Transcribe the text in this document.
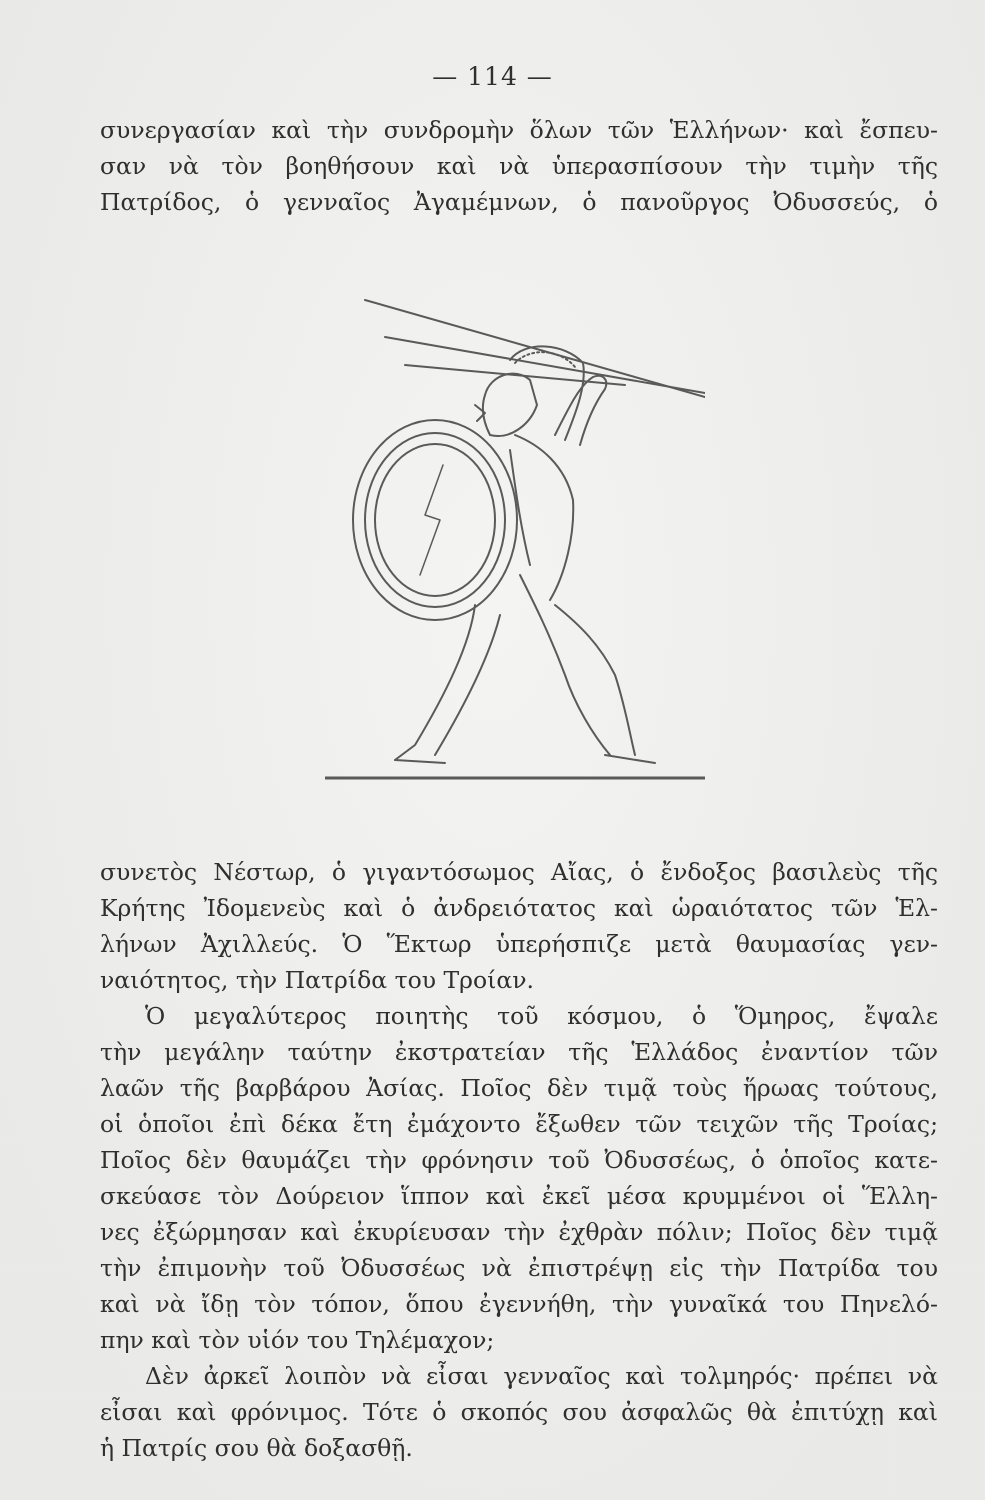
— 114 —
συνεργασίαν καὶ τὴν συνδρομὴν ὅλων τῶν Ἑλλήνων· καὶ ἔσπευ-
σαν νὰ τὸν βοηθήσουν καὶ νὰ ὑπερασπίσουν τὴν τιμὴν τῆς
Πατρίδος, ὁ γενναῖος Ἀγαμέμνων, ὁ πανοῦργος Ὀδυσσεύς, ὁ
συνετὸς Νέστωρ, ὁ γιγαντόσωμος Αἴας, ὁ ἔνδοξος βασιλεὺς τῆς
Κρήτης Ἰδομενεὺς καὶ ὁ ἀνδρειότατος καὶ ὡραιότατος τῶν Ἑλ-
λήνων Ἀχιλλεύς. Ὁ Ἕκτωρ ὑπερήσπιζε μετὰ θαυμασίας γεν-
ναιότητος, τὴν Πατρίδα του Τροίαν.
Ὁ μεγαλύτερος ποιητὴς τοῦ κόσμου, ὁ Ὅμηρος, ἔψαλε
τὴν μεγάλην ταύτην ἐκστρατείαν τῆς Ἑλλάδος ἐναντίον τῶν
λαῶν τῆς βαρβάρου Ἀσίας. Ποῖος δὲν τιμᾷ τοὺς ἥρωας τούτους,
οἱ ὁποῖοι ἐπὶ δέκα ἔτη ἐμάχοντο ἔξωθεν τῶν τειχῶν τῆς Τροίας;
Ποῖος δὲν θαυμάζει τὴν φρόνησιν τοῦ Ὀδυσσέως, ὁ ὁποῖος κατε-
σκεύασε τὸν Δούρειον ἵππον καὶ ἐκεῖ μέσα κρυμμένοι οἱ Ἕλλη-
νες ἐξώρμησαν καὶ ἐκυρίευσαν τὴν ἐχθρὰν πόλιν; Ποῖος δὲν τιμᾷ
τὴν ἐπιμονὴν τοῦ Ὀδυσσέως νὰ ἐπιστρέψῃ εἰς τὴν Πατρίδα του
καὶ νὰ ἴδῃ τὸν τόπον, ὅπου ἐγεννήθη, τὴν γυναῖκά του Πηνελό-
πην καὶ τὸν υἱόν του Τηλέμαχον;
Δὲν ἀρκεῖ λοιπὸν νὰ εἶσαι γενναῖος καὶ τολμηρός· πρέπει νὰ
εἶσαι καὶ φρόνιμος. Τότε ὁ σκοπός σου ἀσφαλῶς θὰ ἐπιτύχῃ καὶ
ἡ Πατρίς σου θὰ δοξασθῇ.
